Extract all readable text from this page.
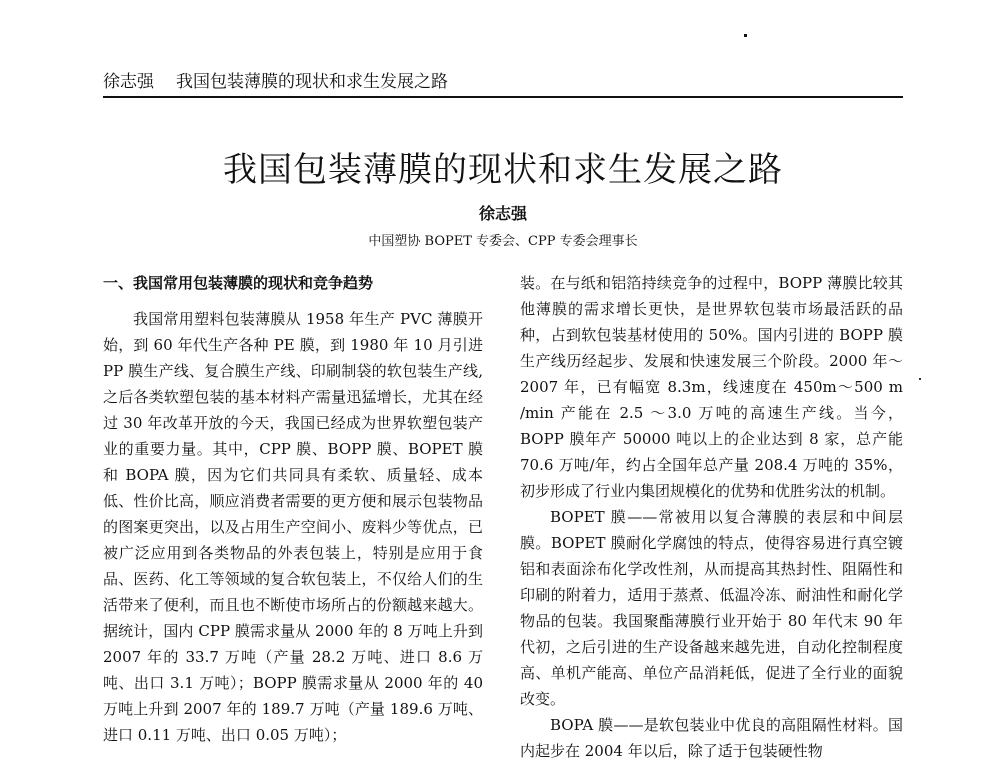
徐志强 我国包装薄膜的现状和求生发展之路
我国包装薄膜的现状和求生发展之路
徐志强
中国塑协 BOPET 专委会、CPP 专委会理事长
一、我国常用包装薄膜的现状和竞争趋势

我国常用塑料包装薄膜从 1958 年生产 PVC 薄膜开始，到 60 年代生产各种 PE 膜，到 1980 年 10 月引进 PP 膜生产线、复合膜生产线、印刷制袋的软包装生产线,之后各类软塑包装的基本材料产需量迅猛增长，尤其在经过 30 年改革开放的今天，我国已经成为世界软塑包装产业的重要力量。其中，CPP 膜、BOPP 膜、BOPET 膜和 BOPA 膜，因为它们共同具有柔软、质量轻、成本低、性价比高，顺应消费者需要的更方便和展示包装物品的图案更突出，以及占用生产空间小、废料少等优点，已被广泛应用到各类物品的外表包装上，特别是应用于食品、医药、化工等领域的复合软包装上，不仅给人们的生活带来了便利，而且也不断使市场所占的份额越来越大。据统计，国内 CPP 膜需求量从 2000 年的 8 万吨上升到 2007 年的 33.7 万吨（产量 28.2 万吨、进口 8.6 万吨、出口 3.1 万吨）；BOPP 膜需求量从 2000 年的 40 万吨上升到 2007 年的 189.7 万吨（产量 189.6 万吨、进口 0.11 万吨、出口 0.05 万吨）；

装。在与纸和铝箔持续竞争的过程中，BOPP 薄膜比较其他薄膜的需求增长更快，是世界软包装市场最活跃的品种，占到软包装基材使用的 50%。国内引进的 BOPP 膜生产线历经起步、发展和快速发展三个阶段。2000 年～2007 年，已有幅宽 8.3m，线速度在 450m～500 m /min 产能在 2.5 ～3.0 万吨的高速生产线。当今，BOPP 膜年产 50000 吨以上的企业达到 8 家，总产能 70.6 万吨/年，约占全国年总产量 208.4 万吨的 35%，初步形成了行业内集团规模化的优势和优胜劣汰的机制。

BOPET 膜——常被用以复合薄膜的表层和中间层膜。BOPET 膜耐化学腐蚀的特点，使得容易进行真空镀铝和表面涂布化学改性剂，从而提高其热封性、阻隔性和印刷的附着力，适用于蒸煮、低温冷冻、耐油性和耐化学物品的包装。我国聚酯薄膜行业开始于 80 年代末 90 年代初，之后引进的生产设备越来越先进，自动化控制程度高、单机产能高、单位产品消耗低，促进了全行业的面貌改变。

BOPA 膜——是软包装业中优良的高阻隔性材料。国内起步在 2004 年以后，除了适于包装硬性物
